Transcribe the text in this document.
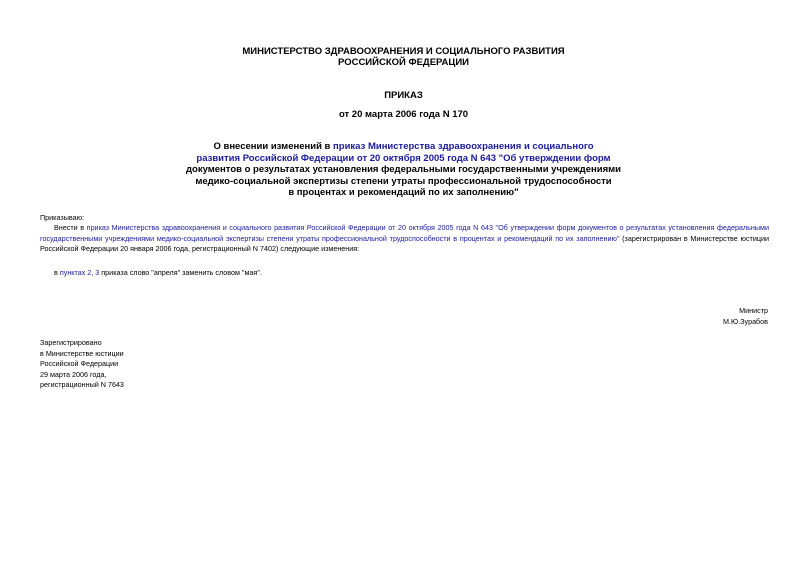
МИНИСТЕРСТВО ЗДРАВООХРАНЕНИЯ И СОЦИАЛЬНОГО РАЗВИТИЯ
РОССИЙСКОЙ ФЕДЕРАЦИИ
ПРИКАЗ
от 20 марта 2006 года N 170
О внесении изменений в приказ Министерства здравоохранения и социального
развития Российской Федерации от 20 октября 2005 года N 643 "Об утверждении форм
документов о результатах установления федеральными государственными учреждениями
медико-социальной экспертизы степени утраты профессиональной трудоспособности
в процентах и рекомендаций по их заполнению"

Приказываю:

Внести в приказ Министерства здравоохранения и социального развития Российской Федерации от 20 октября 2005 года N 643 "Об утверждении форм документов о результатах установления федеральными государственными учреждениями медико-социальной экспертизы степени утраты профессиональной трудоспособности в процентах и рекомендаций по их заполнению" (зарегистрирован в Министерстве юстиции Российской Федерации 20 января 2006 года, регистрационный N 7402) следующие изменения:

в пунктах 2, 3 приказа слово "апреля" заменить словом "мая".

Министр
М.Ю.Зурабов
Зарегистрировано
в Министерстве юстиции
Российской Федерации
29 марта 2006 года,
регистрационный N 7643
